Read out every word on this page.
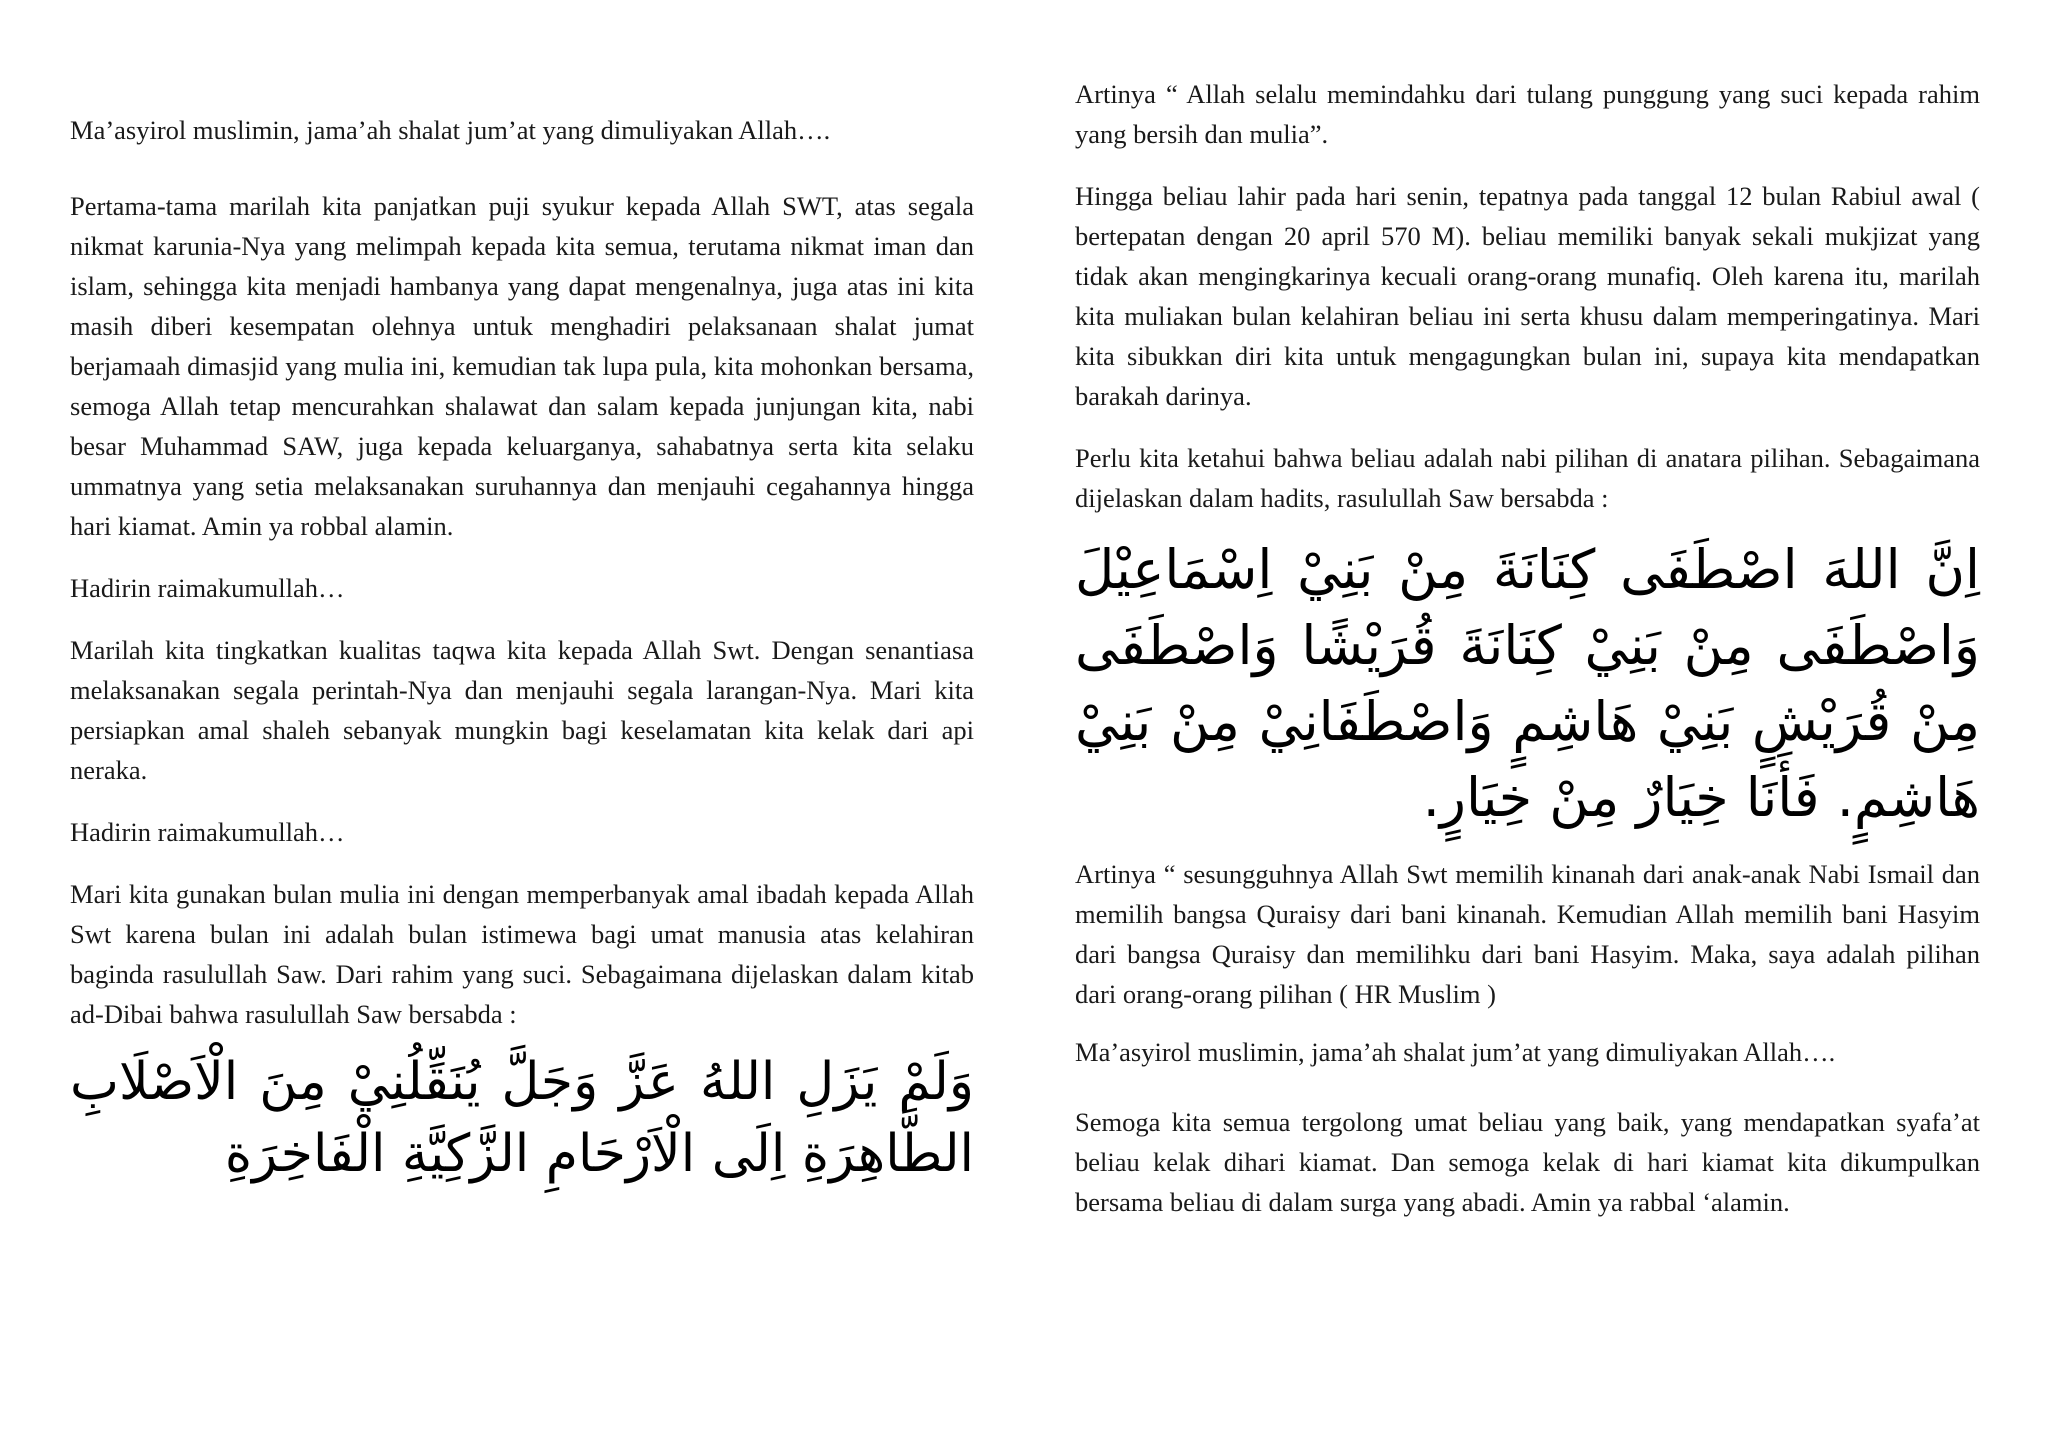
Ma’asyirol muslimin, jama’ah shalat jum’at yang dimuliyakan Allah….

Pertama-tama marilah kita panjatkan puji syukur kepada Allah SWT, atas segala nikmat karunia-Nya yang melimpah kepada kita semua, terutama nikmat iman dan islam, sehingga kita menjadi hambanya yang dapat mengenalnya, juga atas ini kita masih diberi kesempatan olehnya untuk menghadiri pelaksanaan shalat jumat berjamaah dimasjid yang mulia ini, kemudian tak lupa pula, kita mohonkan bersama, semoga Allah tetap mencurahkan shalawat dan salam kepada junjungan kita, nabi besar Muhammad SAW, juga kepada keluarganya, sahabatnya serta kita selaku ummatnya yang setia melaksanakan suruhannya dan menjauhi cegahannya hingga hari kiamat. Amin ya robbal alamin.

Hadirin raimakumullah…

Marilah kita tingkatkan kualitas taqwa kita kepada Allah Swt. Dengan senantiasa melaksanakan segala perintah-Nya dan menjauhi segala larangan-Nya. Mari kita persiapkan amal shaleh sebanyak mungkin bagi keselamatan kita kelak dari api neraka.

Hadirin raimakumullah…

Mari kita gunakan bulan mulia ini dengan memperbanyak amal ibadah kepada Allah Swt karena bulan ini adalah bulan istimewa bagi umat manusia atas kelahiran baginda rasulullah Saw. Dari rahim yang suci. Sebagaimana dijelaskan dalam kitab ad-Dibai bahwa rasulullah Saw bersabda :

وَلَمْ يَزَلِ اللهُ عَزَّ وَجَلَّ يُنَقِّلُنِيْ مِنَ الْاَصْلَابِ الطَّاهِرَةِ اِلَى الْاَرْحَامِ الزَّكِيَّةِ الْفَاخِرَةِ

Artinya “ Allah selalu memindahku dari tulang punggung yang suci kepada rahim yang bersih dan mulia”.

Hingga beliau lahir pada hari senin, tepatnya pada tanggal 12 bulan Rabiul awal ( bertepatan dengan 20 april 570 M). beliau memiliki banyak sekali mukjizat yang tidak akan mengingkarinya kecuali orang-orang munafiq. Oleh karena itu, marilah kita muliakan bulan kelahiran beliau ini serta khusu dalam memperingatinya. Mari kita sibukkan diri kita untuk mengagungkan bulan ini, supaya kita mendapatkan barakah darinya.

Perlu kita ketahui bahwa beliau adalah nabi pilihan di anatara pilihan. Sebagaimana dijelaskan dalam hadits, rasulullah Saw bersabda :

اِنَّ اللهَ اصْطَفَى كِنَانَةَ مِنْ بَنِيْ اِسْمَاعِيْلَ وَاصْطَفَى مِنْ بَنِيْ كِنَانَةَ قُرَيْشًا وَاصْطَفَى مِنْ قُرَيْشٍ بَنِيْ هَاشِمٍ وَاصْطَفَانِيْ مِنْ بَنِيْ هَاشِمٍ. فَأَنَا خِيَارٌ مِنْ خِيَارٍ.

Artinya “ sesungguhnya Allah Swt memilih kinanah dari anak-anak Nabi Ismail dan memilih bangsa Quraisy dari bani kinanah. Kemudian Allah memilih bani Hasyim dari bangsa Quraisy dan memilihku dari bani Hasyim. Maka, saya adalah pilihan dari orang-orang pilihan ( HR Muslim )

Ma’asyirol muslimin, jama’ah shalat jum’at yang dimuliyakan Allah….

Semoga kita semua tergolong umat beliau yang baik, yang mendapatkan syafa’at beliau kelak dihari kiamat. Dan semoga kelak di hari kiamat kita dikumpulkan bersama beliau di dalam surga yang abadi. Amin ya rabbal ‘alamin.
